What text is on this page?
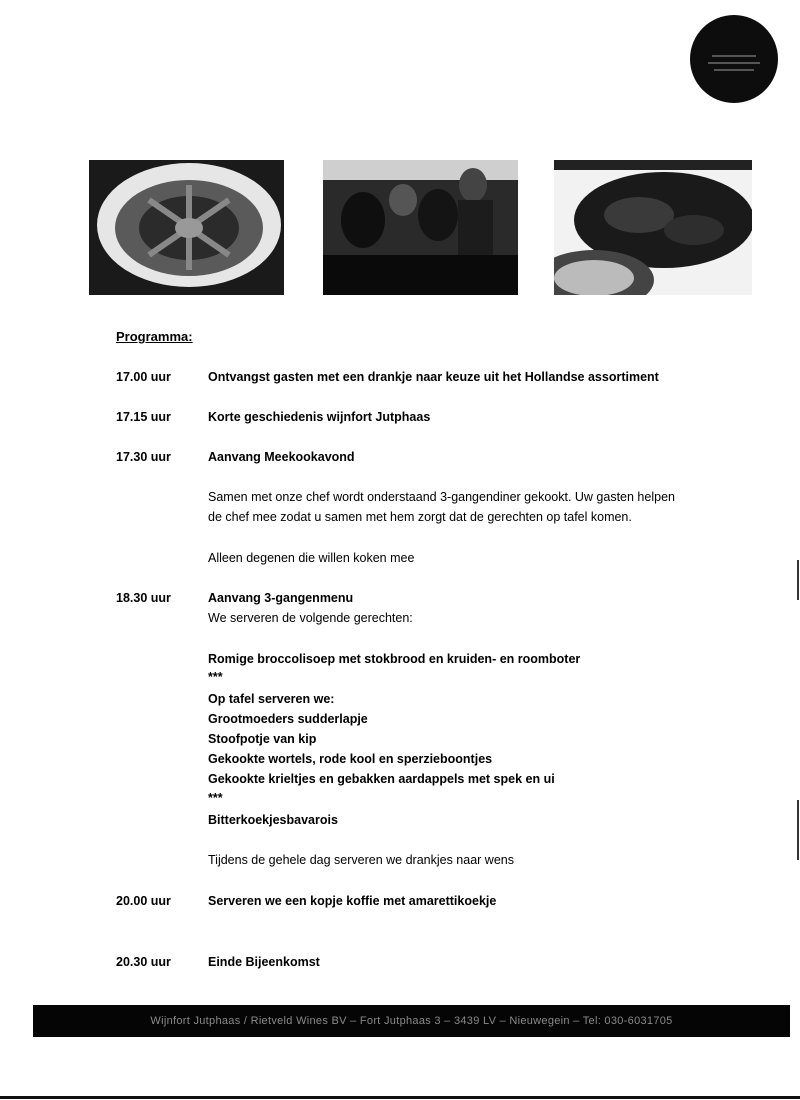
Programma:
17.00 uur	Ontvangst gasten met een drankje naar keuze uit het Hollandse assortiment
17.15 uur	Korte geschiedenis wijnfort Jutphaas
17.30 uur	Aanvang Meekookavond
Samen met onze chef wordt onderstaand 3-gangendiner gekookt. Uw gasten helpen
de chef mee zodat u samen met hem zorgt dat de gerechten op tafel komen.
Alleen degenen die willen koken mee
18.30 uur	Aanvang 3-gangenmenu
We serveren de volgende gerechten:
Romige broccolisoep met stokbrood en kruiden- en roomboter
***
Op tafel serveren we:
Grootmoeders sudderlapje
Stoofpotje van kip
Gekookte wortels, rode kool en sperzieboontjes
Gekookte krieltjes en gebakken aardappels met spek en ui
***
Bitterkoekjesbavarois
Tijdens de gehele dag serveren we drankjes naar wens
20.00 uur	Serveren we een kopje koffie met amarettikoekje
20.30 uur	Einde Bijeenkomst
Wijnfort Jutphaas / Rietveld Wines BV – Fort Jutphaas 3 – 3439 LV – Nieuwegein – Tel: 030-6031705
